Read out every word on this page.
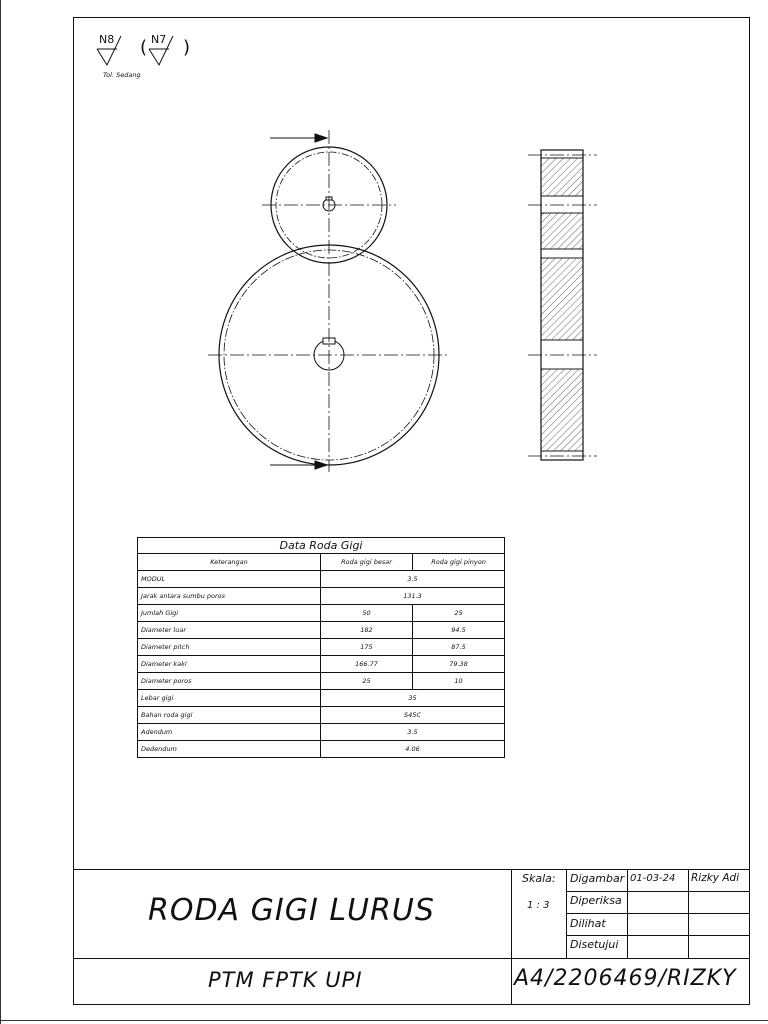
N8 ( N7 )
Tol. Sedang
Data Roda Gigi		
Keterangan	Roda gigi besar	Roda gigi pinyon
MODUL	3.5	
Jarak antara sumbu poros	131.3	
Jumlah Gigi	50	25
Diameter luar	182	94.5
Diameter pitch	175	87.5
Diameter kaki	166.77	79.38
Diameter poros	25	10
Lebar gigi	35	
Bahan roda gigi	S45C	
Adendum	3.5	
Dedendum	4.06	
RODA GIGI LURUS
PTM FPTK UPI	A4/2206469/RIZKY
Skala:
1 : 3
Digambar 01-03-24 Rizky Adi
Diperiksa
Dilihat
Disetujui
